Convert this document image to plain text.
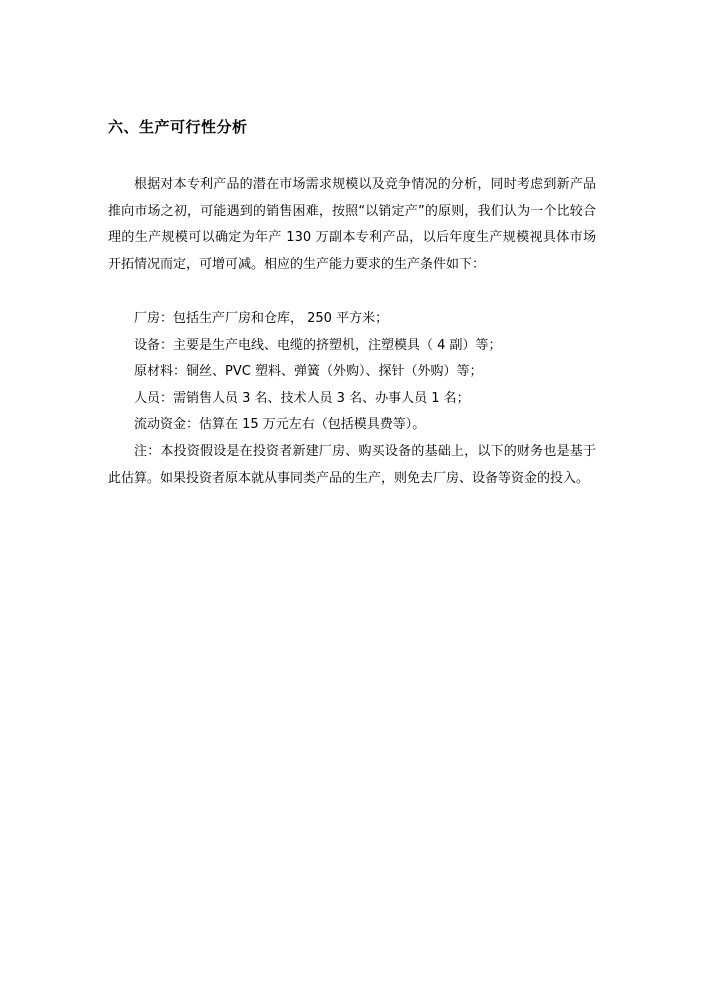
六、生产可行性分析

根据对本专利产品的潜在市场需求规模以及竞争情况的分析，同时考虑到新产品推向市场之初，可能遇到的销售困难，按照“以销定产”的原则，我们认为一个比较合理的生产规模可以确定为年产 130 万副本专利产品，以后年度生产规模视具体市场开拓情况而定，可增可减。相应的生产能力要求的生产条件如下：

厂房：包括生产厂房和仓库， 250 平方米；

设备：主要是生产电线、电缆的挤塑机，注塑模具（ 4 副）等；

原材料：铜丝、PVC 塑料、弹簧（外购）、探针（外购）等；

人员：需销售人员 3 名、技术人员 3 名、办事人员 1 名；

流动资金：估算在 15 万元左右（包括模具费等）。

注：本投资假设是在投资者新建厂房、购买设备的基础上，以下的财务也是基于此估算。如果投资者原本就从事同类产品的生产，则免去厂房、设备等资金的投入。
